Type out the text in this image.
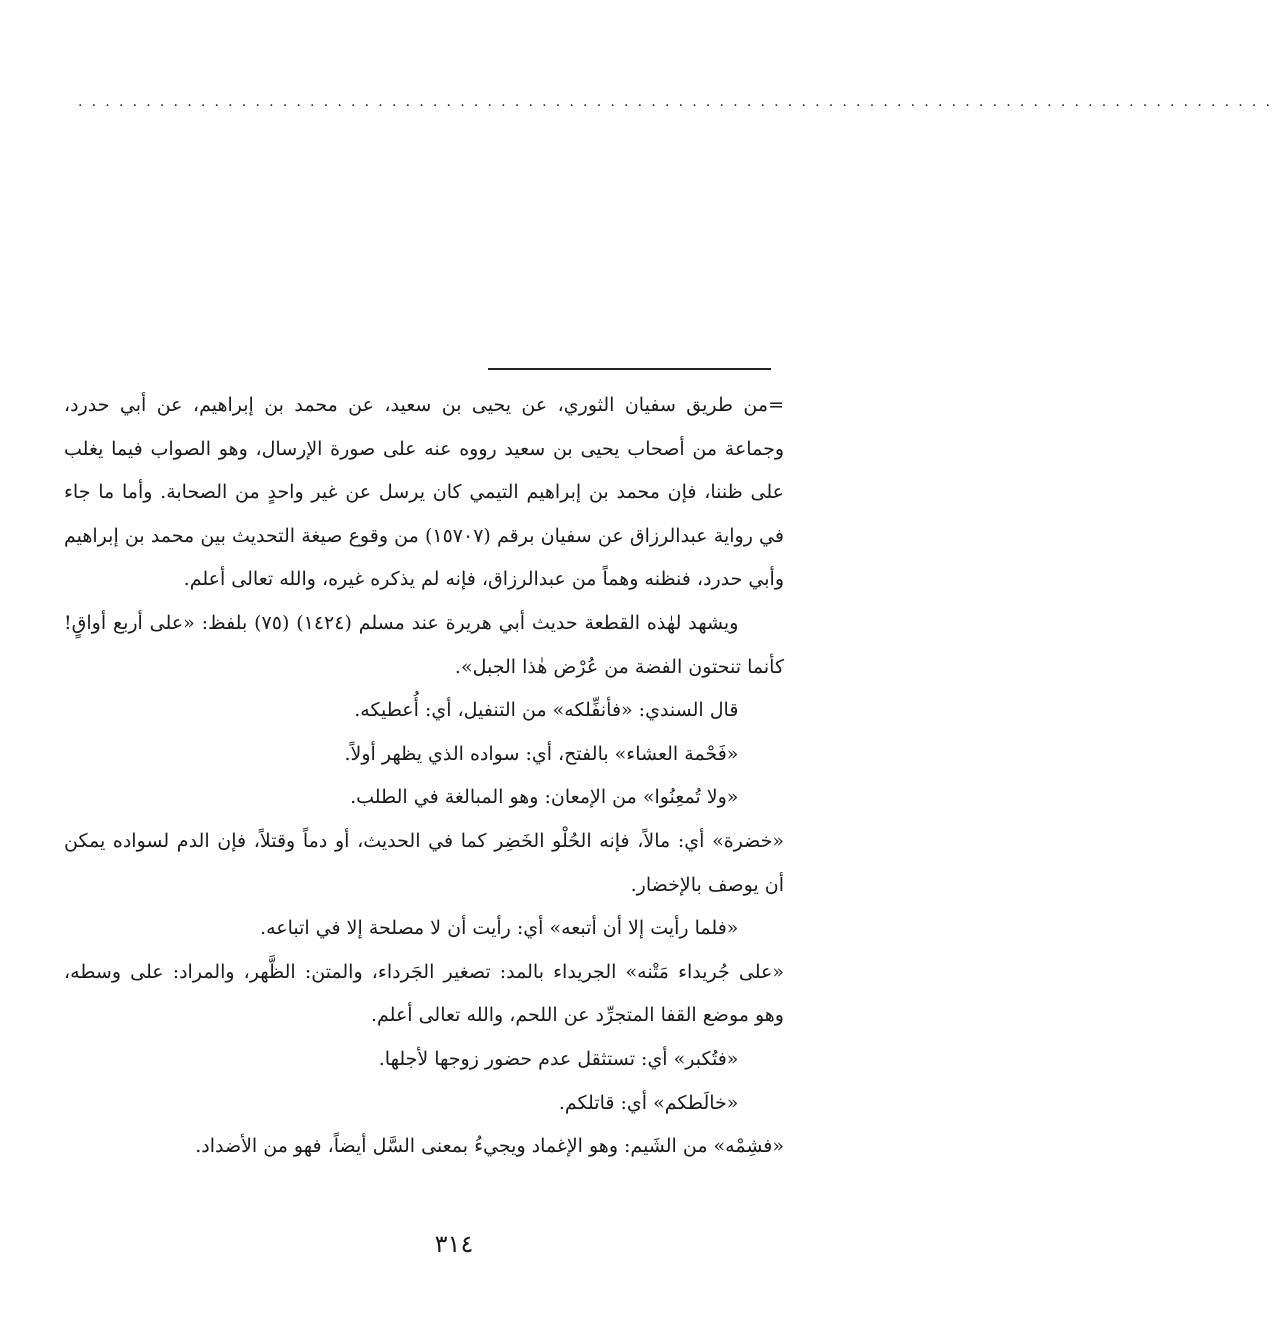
........................................................................................

=من طريق سفيان الثوري، عن يحيى بن سعيد، عن محمد بن إبراهيم، عن أبي حدرد، وجماعة من أصحاب يحيى بن سعيد رووه عنه على صورة الإرسال، وهو الصواب فيما يغلب على ظننا، فإن محمد بن إبراهيم التيمي كان يرسل عن غير واحدٍ من الصحابة. وأما ما جاء في رواية عبدالرزاق عن سفيان برقم (١٥٧٠٧) من وقوع صيغة التحديث بين محمد بن إبراهيم وأبي حدرد، فنظنه وهماً من عبدالرزاق، فإنه لم يذكره غيره، والله تعالى أعلم.

ويشهد لهٰذه القطعة حديث أبي هريرة عند مسلم (١٤٢٤) (٧٥) بلفظ: «على أربع أواقٍ! كأنما تنحتون الفضة من عُرْض هٰذا الجبل».

قال السندي: «فأنفِّلكه» من التنفيل، أي: أُعطيكه.

«فَحْمة العشاء» بالفتح، أي: سواده الذي يظهر أولاً.

«ولا تُمعِنُوا» من الإمعان: وهو المبالغة في الطلب.

«خضرة» أي: مالاً، فإنه الحُلْو الخَضِر كما في الحديث، أو دماً وقتلاً، فإن الدم لسواده يمكن أن يوصف بالإخضار.

«فلما رأيت إلا أن أتبعه» أي: رأيت أن لا مصلحة إلا في اتباعه.

«على جُريداء مَتْنه» الجريداء بالمد: تصغير الجَرداء، والمتن: الظَّهر، والمراد: على وسطه، وهو موضع القفا المتجرِّد عن اللحم، والله تعالى أعلم.

«فتُكبر» أي: تستثقل عدم حضور زوجها لأجلها.

«خالَطكم» أي: قاتلكم.

«فشِمْه» من الشَيم: وهو الإغماد ويجيءُ بمعنى السَّل أيضاً، فهو من الأضداد.

٣١٤
